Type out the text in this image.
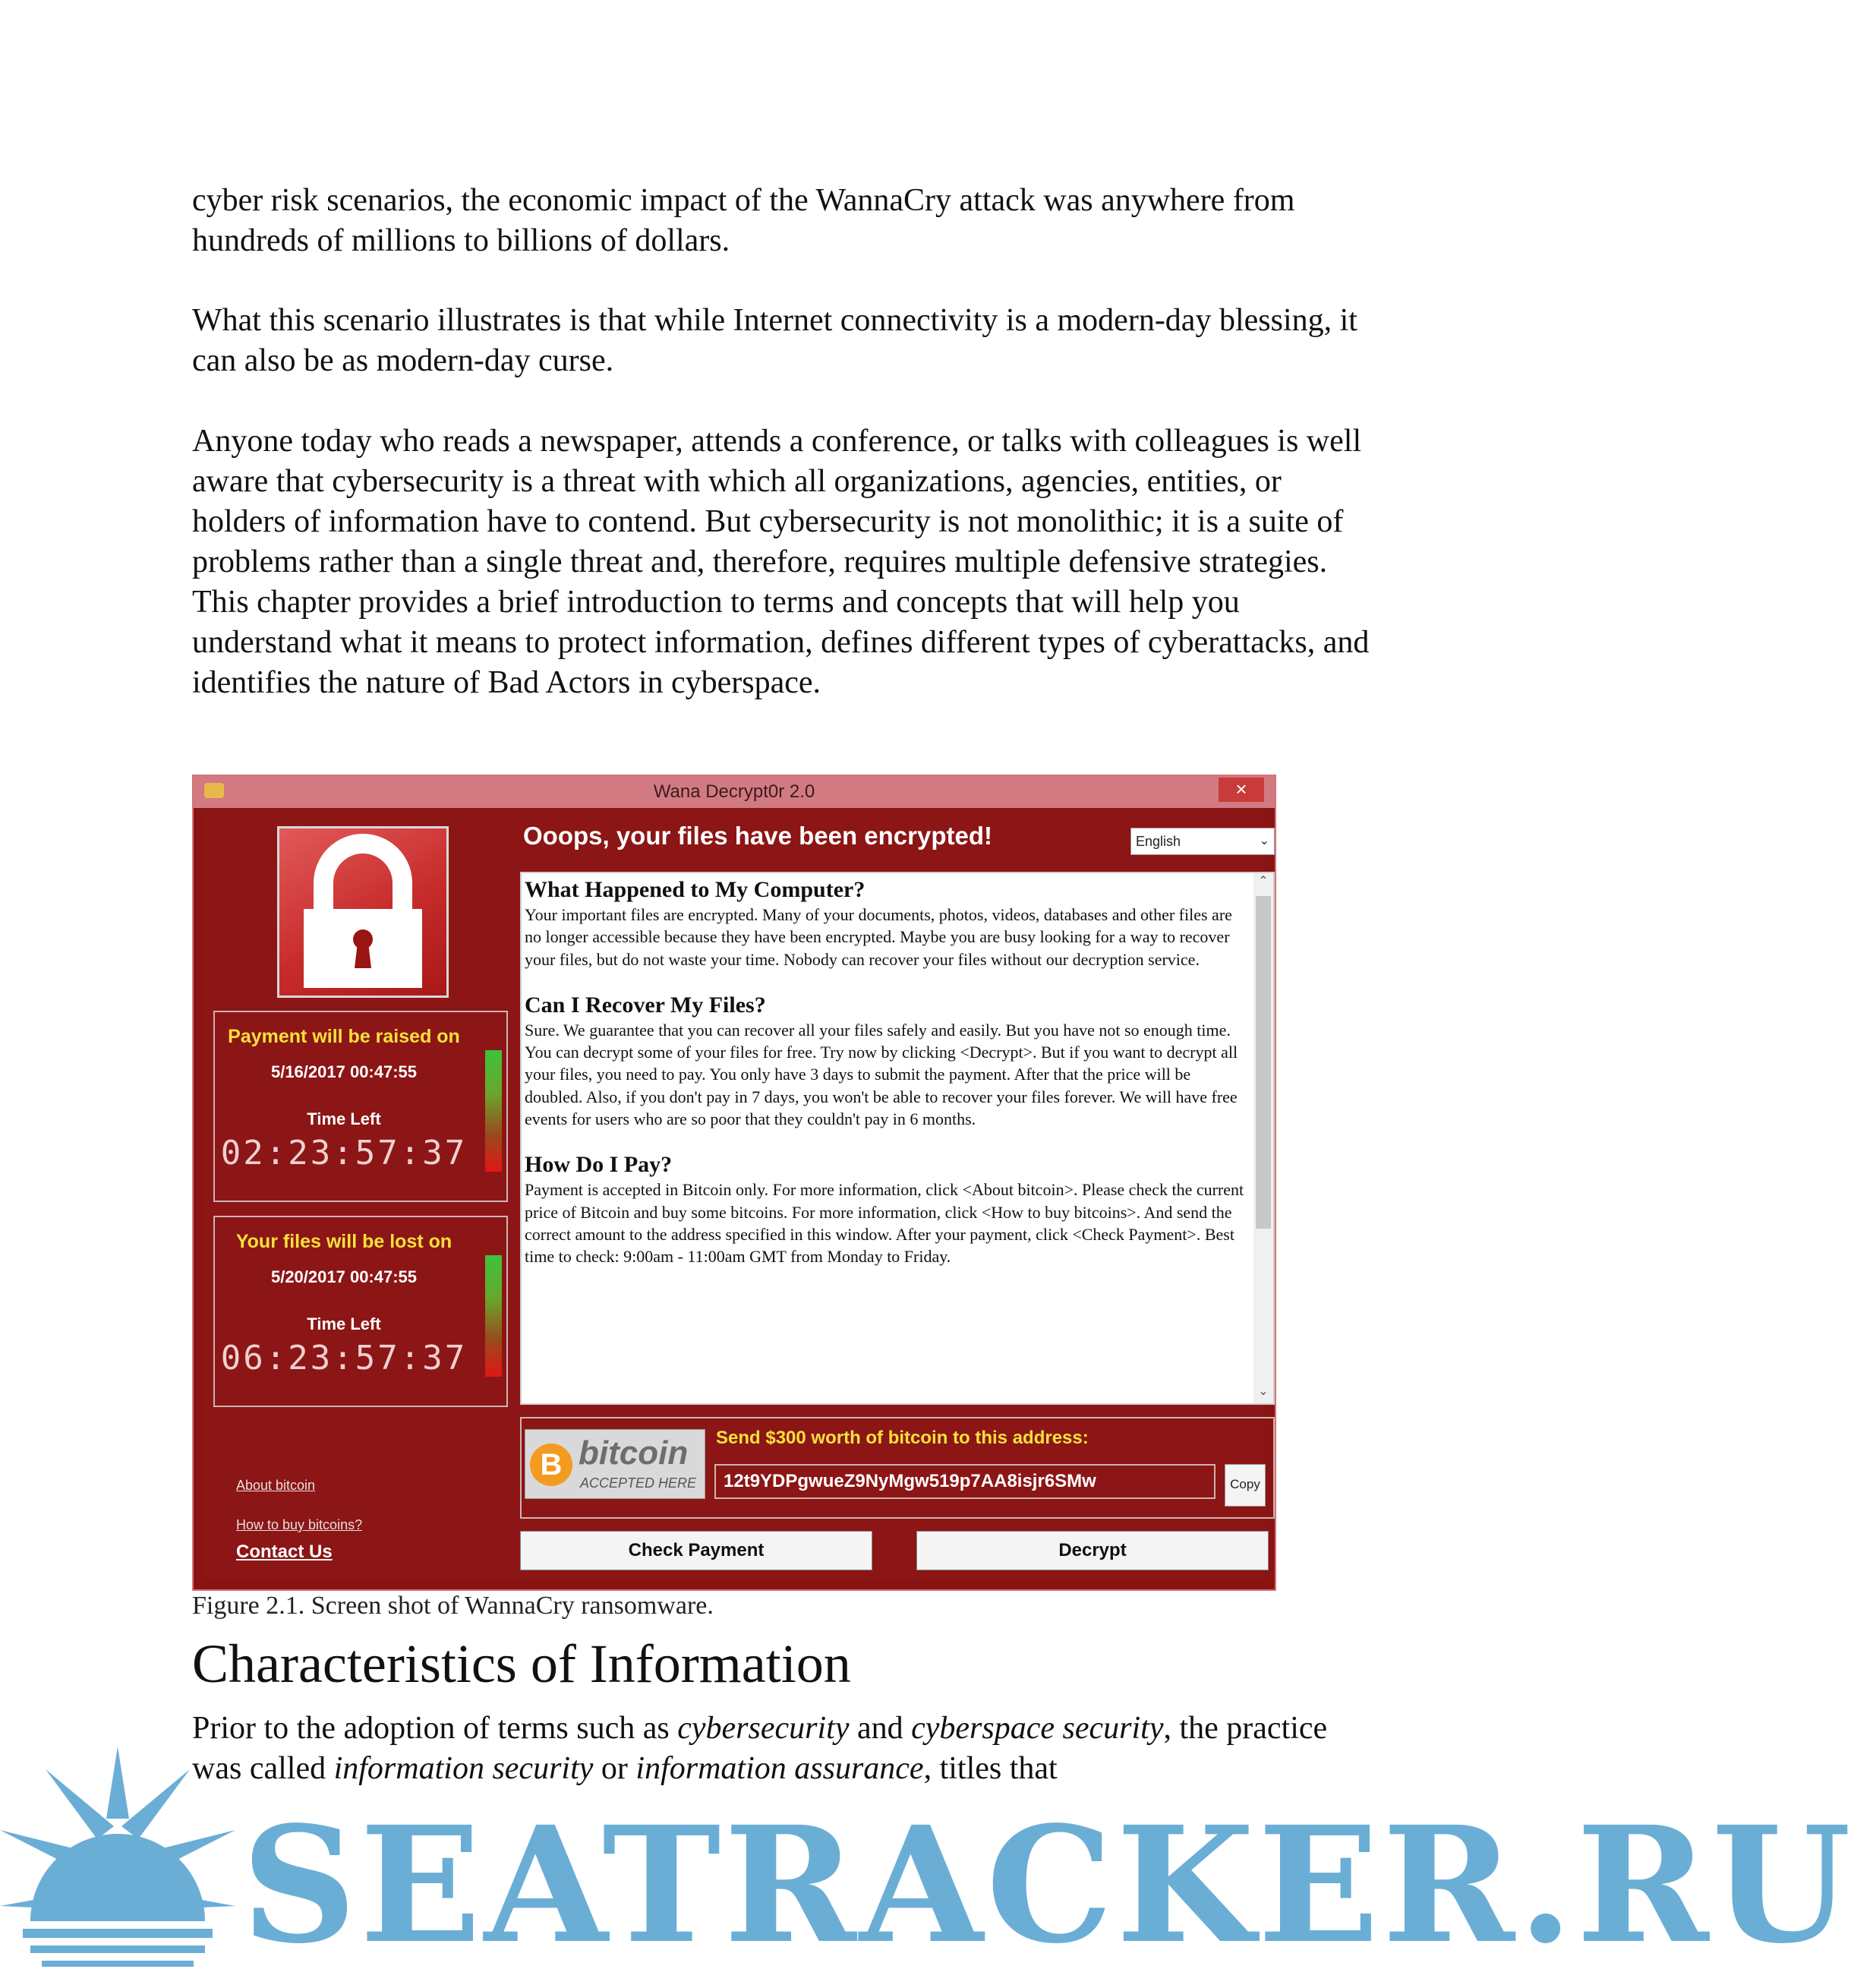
cyber risk scenarios, the economic impact of the WannaCry attack was anywhere from hundreds of millions to billions of dollars.

What this scenario illustrates is that while Internet connectivity is a modern-day blessing, it can also be as modern-day curse.

Anyone today who reads a newspaper, attends a conference, or talks with colleagues is well aware that cybersecurity is a threat with which all organizations, agencies, entities, or holders of information have to contend. But cybersecurity is not monolithic; it is a suite of problems rather than a single threat and, therefore, requires multiple defensive strategies. This chapter provides a brief introduction to terms and concepts that will help you understand what it means to protect information, defines different types of cyberattacks, and identifies the nature of Bad Actors in cyberspace.

Wana Decrypt0r 2.0	×
Payment will be raised on
5/16/2017 00:47:55
Time Left
02:23:57:37
Your files will be lost on
5/20/2017 00:47:55
Time Left
06:23:57:37
About bitcoin
How to buy bitcoins?
Contact Us
Ooops, your files have been encrypted!	English	⌄
What Happened to My Computer?

Your important files are encrypted. Many of your documents, photos, videos, databases and other files are no longer accessible because they have been encrypted. Maybe you are busy looking for a way to recover your files, but do not waste your time. Nobody can recover your files without our decryption service.

Can I Recover My Files?

Sure. We guarantee that you can recover all your files safely and easily. But you have not so enough time. You can decrypt some of your files for free. Try now by clicking <Decrypt>. But if you want to decrypt all your files, you need to pay. You only have 3 days to submit the payment. After that the price will be doubled. Also, if you don't pay in 7 days, you won't be able to recover your files forever. We will have free events for users who are so poor that they couldn't pay in 6 months.

How Do I Pay?

Payment is accepted in Bitcoin only. For more information, click <About bitcoin>. Please check the current price of Bitcoin and buy some bitcoins. For more information, click <How to buy bitcoins>. And send the correct amount to the address specified in this window. After your payment, click <Check Payment>. Best time to check: 9:00am - 11:00am GMT from Monday to Friday.

⌃
⌄
B bitcoin
ACCEPTED HERE
Send $300 worth of bitcoin to this address:
12t9YDPgwueZ9NyMgw519p7AA8isjr6SMw	Copy
Check Payment	Decrypt

Figure 2.1. Screen shot of WannaCry ransomware.

Characteristics of Information

Prior to the adoption of terms such as cybersecurity and cyberspace security, the practice was called information security or information assurance, titles that

SEATRACKER.RU
